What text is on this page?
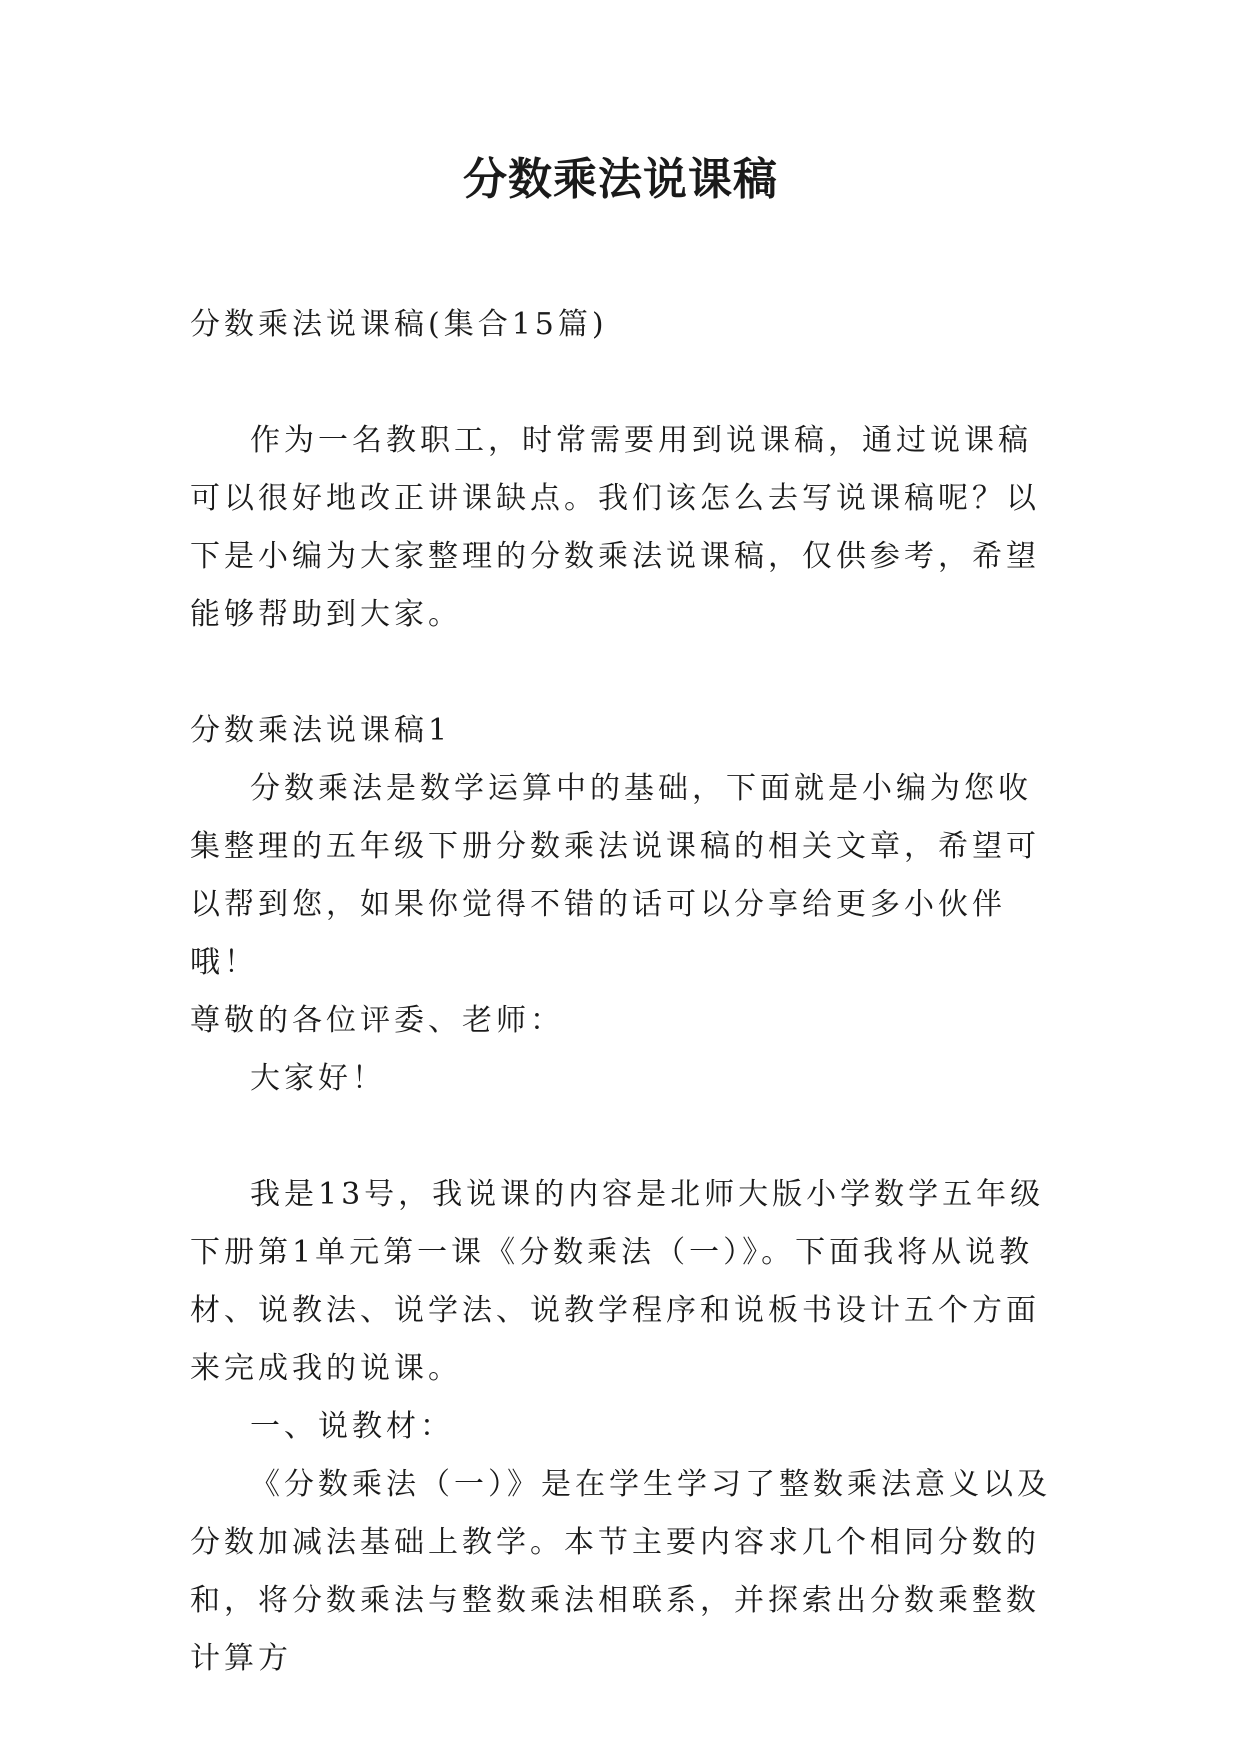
分数乘法说课稿

分数乘法说课稿(集合15篇)

作为一名教职工，时常需要用到说课稿，通过说课稿可以很好地改正讲课缺点。我们该怎么去写说课稿呢？以下是小编为大家整理的分数乘法说课稿，仅供参考，希望能够帮助到大家。

分数乘法说课稿1

分数乘法是数学运算中的基础，下面就是小编为您收集整理的五年级下册分数乘法说课稿的相关文章，希望可以帮到您，如果你觉得不错的话可以分享给更多小伙伴哦！

尊敬的各位评委、老师：

大家好！

我是13号，我说课的内容是北师大版小学数学五年级下册第1单元第一课《分数乘法（一）》。下面我将从说教材、说教法、说学法、说教学程序和说板书设计五个方面来完成我的说课。

一、说教材：

《分数乘法（一）》是在学生学习了整数乘法意义以及分数加减法基础上教学。本节主要内容求几个相同分数的和，将分数乘法与整数乘法相联系，并探索出分数乘整数计算方
